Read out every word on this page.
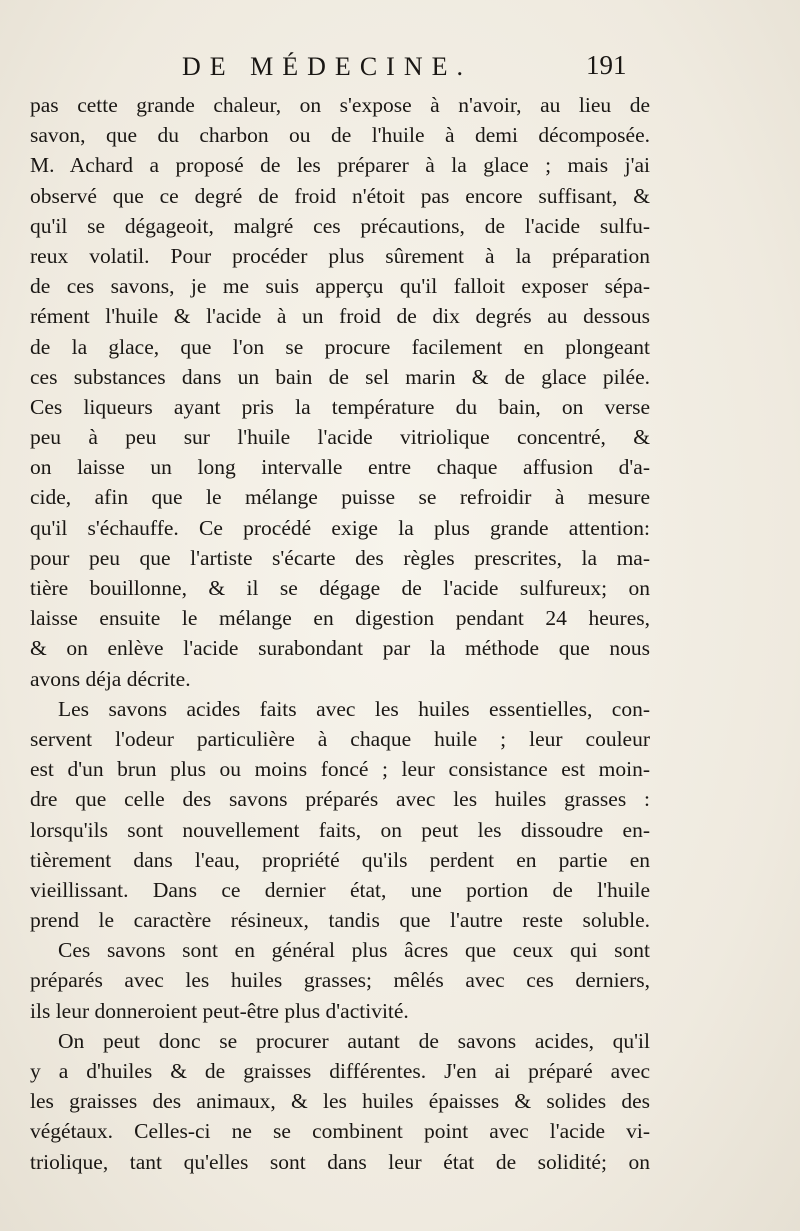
DE MÉDECINE.	191
pas cette grande chaleur, on s'expose à n'avoir, au lieu de
savon, que du charbon ou de l'huile à demi décomposée.
M. Achard a proposé de les préparer à la glace ; mais j'ai
observé que ce degré de froid n'étoit pas encore suffisant, &
qu'il se dégageoit, malgré ces précautions, de l'acide sulfu-
reux volatil. Pour procéder plus sûrement à la préparation
de ces savons, je me suis apperçu qu'il falloit exposer sépa-
rément l'huile & l'acide à un froid de dix degrés au dessous
de la glace, que l'on se procure facilement en plongeant
ces substances dans un bain de sel marin & de glace pilée.
Ces liqueurs ayant pris la température du bain, on verse
peu à peu sur l'huile l'acide vitriolique concentré, &
on laisse un long intervalle entre chaque affusion d'a-
cide, afin que le mélange puisse se refroidir à mesure
qu'il s'échauffe. Ce procédé exige la plus grande attention:
pour peu que l'artiste s'écarte des règles prescrites, la ma-
tière bouillonne, & il se dégage de l'acide sulfureux; on
laisse ensuite le mélange en digestion pendant 24 heures,
& on enlève l'acide surabondant par la méthode que nous
avons déja décrite.
Les savons acides faits avec les huiles essentielles, con-
servent l'odeur particulière à chaque huile ; leur couleur
est d'un brun plus ou moins foncé ; leur consistance est moin-
dre que celle des savons préparés avec les huiles grasses :
lorsqu'ils sont nouvellement faits, on peut les dissoudre en-
tièrement dans l'eau, propriété qu'ils perdent en partie en
vieillissant. Dans ce dernier état, une portion de l'huile
prend le caractère résineux, tandis que l'autre reste soluble.
Ces savons sont en général plus âcres que ceux qui sont
préparés avec les huiles grasses; mêlés avec ces derniers,
ils leur donneroient peut-être plus d'activité.
On peut donc se procurer autant de savons acides, qu'il
y a d'huiles & de graisses différentes. J'en ai préparé avec
les graisses des animaux, & les huiles épaisses & solides des
végétaux. Celles-ci ne se combinent point avec l'acide vi-
triolique, tant qu'elles sont dans leur état de solidité; on
